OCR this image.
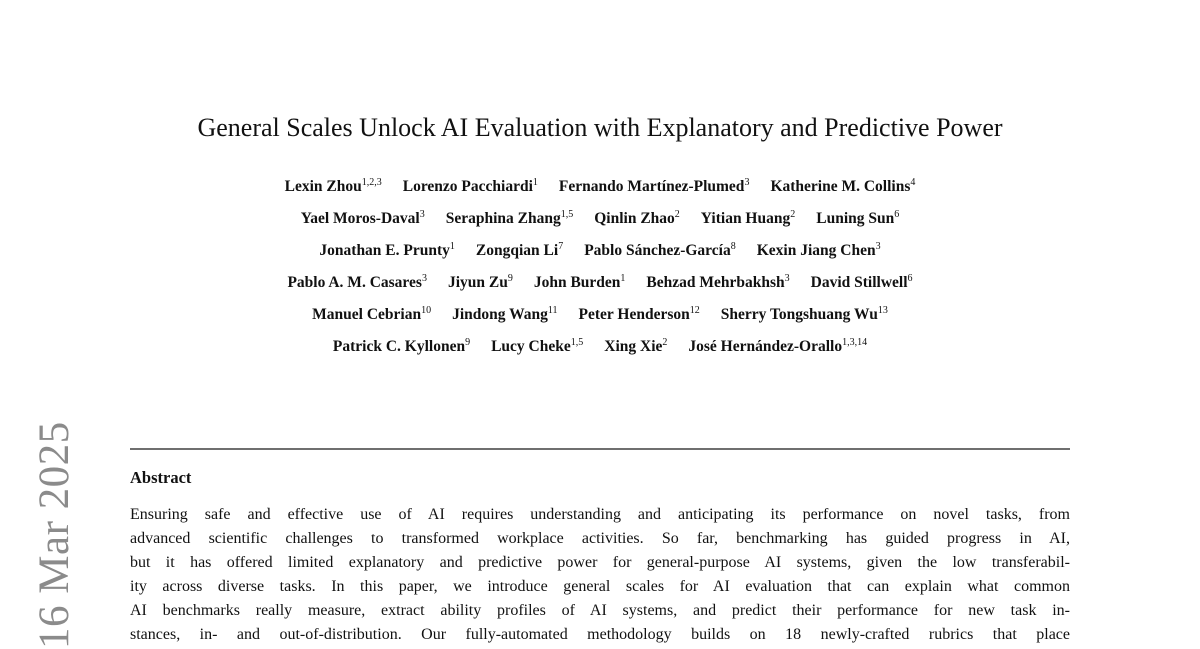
16 Mar 2025
General Scales Unlock AI Evaluation with Explanatory and Predictive Power
Lexin Zhou$^{1,2,3}$ Lorenzo Pacchiardi$^1$ Fernando Martínez-Plumed$^3$ Katherine M. Collins$^4$
Yael Moros-Daval$^3$ Seraphina Zhang$^{1,5}$ Qinlin Zhao$^2$ Yitian Huang$^2$ Luning Sun$^6$
Jonathan E. Prunty$^1$ Zongqian Li$^7$ Pablo Sánchez-García$^8$ Kexin Jiang Chen$^3$
Pablo A. M. Casares$^3$ Jiyun Zu$^9$ John Burden$^1$ Behzad Mehrbakhsh$^3$ David Stillwell$^6$
Manuel Cebrian$^{10}$ Jindong Wang$^{11}$ Peter Henderson$^{12}$ Sherry Tongshuang Wu$^{13}$
Patrick C. Kyllonen$^9$ Lucy Cheke$^{1,5}$ Xing Xie$^2$ José Hernández-Orallo$^{1,3,14}$
Abstract
Ensuring safe and effective use of AI requires understanding and anticipating its performance on novel tasks, from
advanced scientific challenges to transformed workplace activities. So far, benchmarking has guided progress in AI,
but it has offered limited explanatory and predictive power for general-purpose AI systems, given the low transferabil-
ity across diverse tasks. In this paper, we introduce general scales for AI evaluation that can explain what common
AI benchmarks really measure, extract ability profiles of AI systems, and predict their performance for new task in-
stances, in- and out-of-distribution. Our fully-automated methodology builds on 18 newly-crafted rubrics that place
